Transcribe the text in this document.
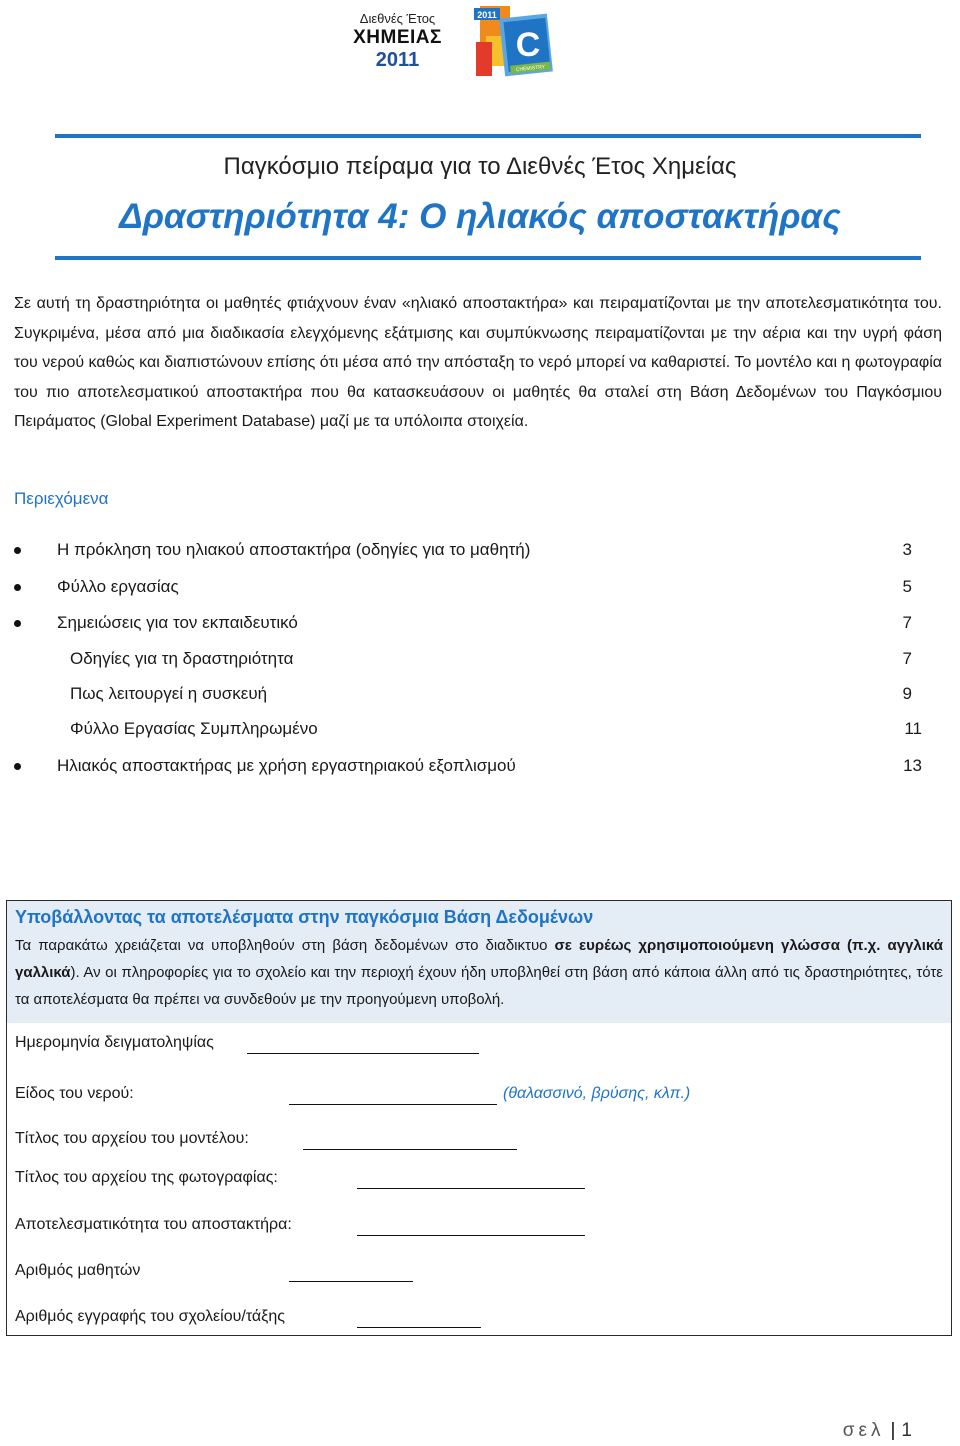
Διεθνές Έτος
ΧΗΜΕΙΑΣ
2011
2011
C
CHEMISTRY
Παγκόσμιο πείραμα για το Διεθνές Έτος Χημείας
Δραστηριότητα 4: Ο ηλιακός αποστακτήρας

Σε αυτή τη δραστηριότητα οι μαθητές φτιάχνουν έναν «ηλιακό αποστακτήρα» και πειραματίζονται με την αποτελεσματικότητα του. Συγκριμένα, μέσα από μια διαδικασία ελεγχόμενης εξάτμισης και συμπύκνωσης πειραματίζονται με την αέρια και την υγρή φάση του νερού καθώς και διαπιστώνουν επίσης ότι μέσα από την απόσταξη το νερό μπορεί να καθαριστεί. Το μοντέλο και η φωτογραφία του πιο αποτελεσματικού αποστακτήρα που θα κατασκευάσουν οι μαθητές θα σταλεί στη Βάση Δεδομένων του Παγκόσμιου Πειράματος (Global Experiment Database) μαζί με τα υπόλοιπα στοιχεία.

Περιεχόμενα
Η πρόκληση του ηλιακού αποστακτήρα (οδηγίες για το μαθητή)	3
Φύλλο εργασίας	5
Σημειώσεις για τον εκπαιδευτικό	7
Οδηγίες για τη δραστηριότητα	7
Πως λειτουργεί η συσκευή	9
Φύλλο Εργασίας Συμπληρωμένο	11
Ηλιακός αποστακτήρας με χρήση εργαστηριακού εξοπλισμού	13
Υποβάλλοντας τα αποτελέσματα στην παγκόσμια Βάση Δεδομένων

Τα παρακάτω χρειάζεται να υποβληθούν στη βάση δεδομένων στο διαδικτυο σε ευρέως χρησιμοποιούμενη γλώσσα (π.χ. αγγλικά γαλλικά). Αν οι πληροφορίες για το σχολείο και την περιοχή έχουν ήδη υποβληθεί στη βάση από κάποια άλλη από τις δραστηριότητες, τότε τα αποτελέσματα θα πρέπει να συνδεθούν με την προηγούμενη υποβολή.

Ημερομηνία δειγματοληψίας
Είδος του νερού:	(θαλασσινό, βρύσης, κλπ.)
Τίτλος του αρχείου του μοντέλου:
Τίτλος του αρχείου της φωτογραφίας:
Αποτελεσματικότητα του αποστακτήρα:
Αριθμός μαθητών
Αριθμός εγγραφής του σχολείου/τάξης
σελ | 1
